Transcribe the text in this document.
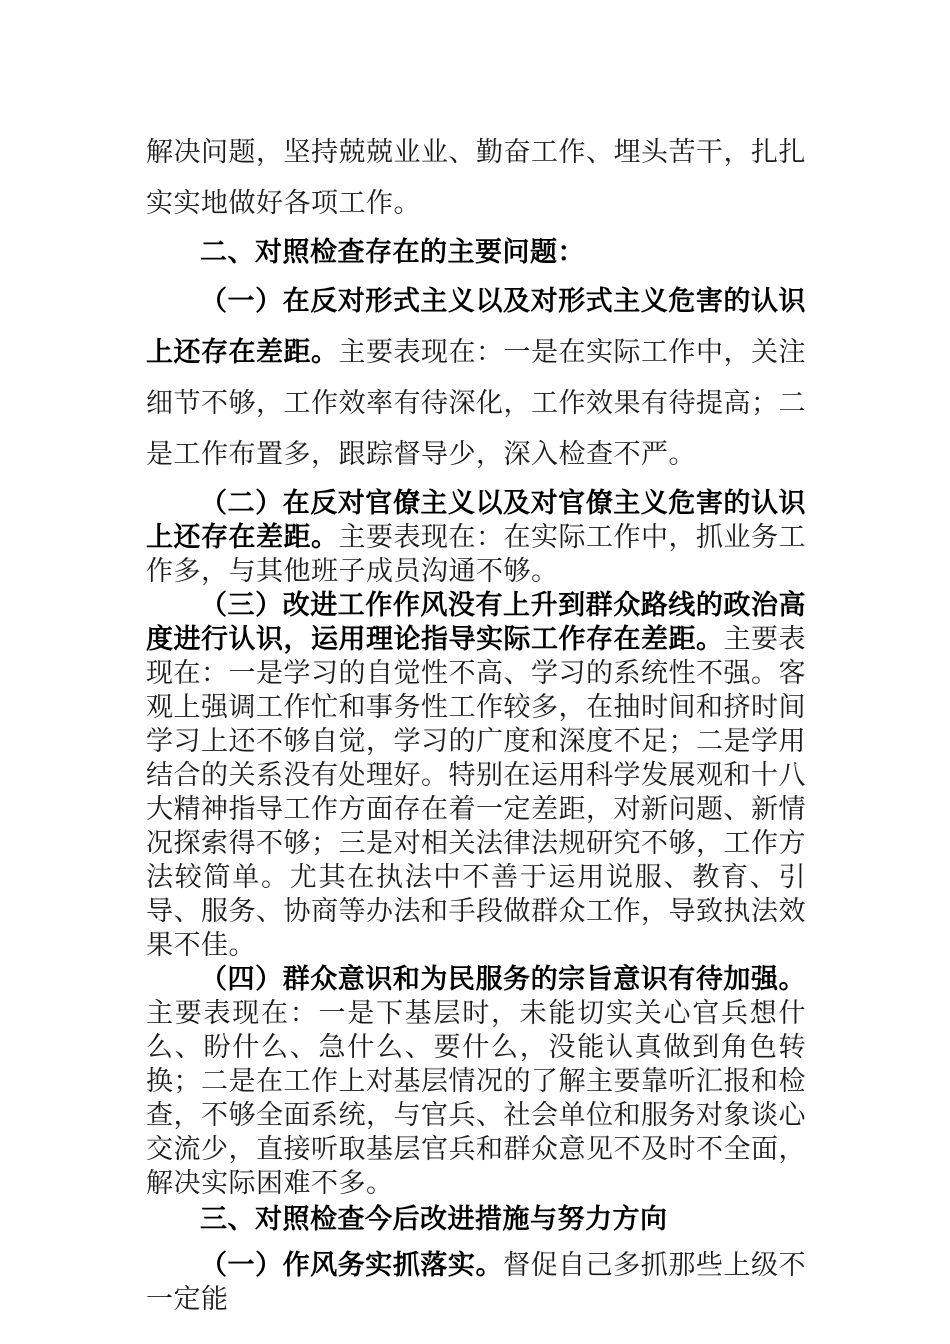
解决问题，坚持兢兢业业、勤奋工作、埋头苦干，扎扎实实地做好各项工作。

二、对照检查存在的主要问题：

（一）在反对形式主义以及对形式主义危害的认识上还存在差距。主要表现在：一是在实际工作中，关注细节不够，工作效率有待深化，工作效果有待提高；二是工作布置多，跟踪督导少，深入检查不严。

（二）在反对官僚主义以及对官僚主义危害的认识上还存在差距。主要表现在：在实际工作中，抓业务工作多，与其他班子成员沟通不够。

（三）改进工作作风没有上升到群众路线的政治高度进行认识，运用理论指导实际工作存在差距。主要表现在：一是学习的自觉性不高、学习的系统性不强。客观上强调工作忙和事务性工作较多，在抽时间和挤时间学习上还不够自觉，学习的广度和深度不足；二是学用结合的关系没有处理好。特别在运用科学发展观和十八大精神指导工作方面存在着一定差距，对新问题、新情况探索得不够；三是对相关法律法规研究不够，工作方法较简单。尤其在执法中不善于运用说服、教育、引导、服务、协商等办法和手段做群众工作，导致执法效果不佳。

（四）群众意识和为民服务的宗旨意识有待加强。主要表现在：一是下基层时，未能切实关心官兵想什么、盼什么、急什么、要什么，没能认真做到角色转换；二是在工作上对基层情况的了解主要靠听汇报和检查，不够全面系统，与官兵、社会单位和服务对象谈心交流少，直接听取基层官兵和群众意见不及时不全面，解决实际困难不多。

三、对照检查今后改进措施与努力方向

（一）作风务实抓落实。督促自己多抓那些上级不一定能
